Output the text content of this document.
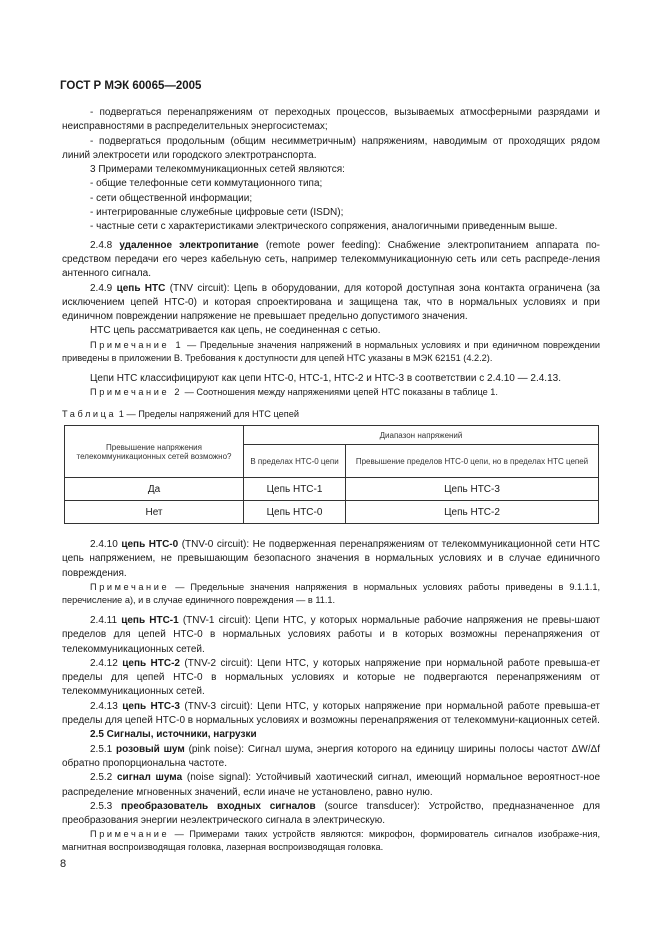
ГОСТ Р МЭК 60065—2005

- подвергаться перенапряжениям от переходных процессов, вызываемых атмосферными разрядами и неисправностями в распределительных энергосистемах;

- подвергаться продольным (общим несимметричным) напряжениям, наводимым от проходящих рядом линий электросети или городского электротранспорта.

3 Примерами телекоммуникационных сетей являются:

- общие телефонные сети коммутационного типа;

- сети общественной информации;

- интегрированные служебные цифровые сети (ISDN);

- частные сети с характеристиками электрического сопряжения, аналогичными приведенным выше.

2.4.8 удаленное электропитание (remote power feeding): Снабжение электропитанием аппарата по-средством передачи его через кабельную сеть, например телекоммуникационную сеть или сеть распреде-ления антенного сигнала.

2.4.9 цепь НТС (TNV circuit): Цепь в оборудовании, для которой доступная зона контакта ограничена (за исключением цепей НТС-0) и которая спроектирована и защищена так, что в нормальных условиях и при единичном повреждении напряжение не превышает предельно допустимого значения.

НТС цепь рассматривается как цепь, не соединенная с сетью.

Примечание 1 — Предельные значения напряжений в нормальных условиях и при единичном повреждении приведены в приложении В. Требования к доступности для цепей НТС указаны в МЭК 62151 (4.2.2).

Цепи НТС классифицируют как цепи НТС-0, НТС-1, НТС-2 и НТС-3 в соответствии с 2.4.10 — 2.4.13.

Примечание 2 — Соотношения между напряжениями цепей НТС показаны в таблице 1.

Таблица 1 — Пределы напряжений для НТС цепей
Превышение напряжения телекоммуникационных сетей возможно?	Диапазон напряжений	
	В пределах НТС-0 цепи	Превышение пределов НТС-0 цепи, но в пределах НТС цепей
Да	Цепь НТС-1	Цепь НТС-3
Нет	Цепь НТС-0	Цепь НТС-2

2.4.10 цепь НТС-0 (TNV-0 circuit): Не подверженная перенапряжениям от телекоммуникационной сети НТС цепь напряжением, не превышающим безопасного значения в нормальных условиях и в случае единичного повреждения.

Примечание — Предельные значения напряжения в нормальных условиях работы приведены в 9.1.1.1, перечисление а), и в случае единичного повреждения — в 11.1.

2.4.11 цепь НТС-1 (TNV-1 circuit): Цепи НТС, у которых нормальные рабочие напряжения не превы-шают пределов для цепей НТС-0 в нормальных условиях работы и в которых возможны перенапряжения от телекоммуникационных сетей.

2.4.12 цепь НТС-2 (TNV-2 circuit): Цепи НТС, у которых напряжение при нормальной работе превыша-ет пределы для цепей НТС-0 в нормальных условиях и которые не подвергаются перенапряжениям от телекоммуникационных сетей.

2.4.13 цепь НТС-3 (TNV-3 circuit): Цепи НТС, у которых напряжение при нормальной работе превыша-ет пределы для цепей НТС-0 в нормальных условиях и возможны перенапряжения от телекоммуни-кационных сетей.

2.5 Сигналы, источники, нагрузки

2.5.1 розовый шум (pink noise): Сигнал шума, энергия которого на единицу ширины полосы частот ΔW/Δf обратно пропорциональна частоте.

2.5.2 сигнал шума (noise signal): Устойчивый хаотический сигнал, имеющий нормальное вероятност-ное распределение мгновенных значений, если иначе не установлено, равно нулю.

2.5.3 преобразователь входных сигналов (source transducer): Устройство, предназначенное для преобразования энергии неэлектрического сигнала в электрическую.

Примечание — Примерами таких устройств являются: микрофон, формирователь сигналов изображе-ния, магнитная воспроизводящая головка, лазерная воспроизводящая головка.

8
